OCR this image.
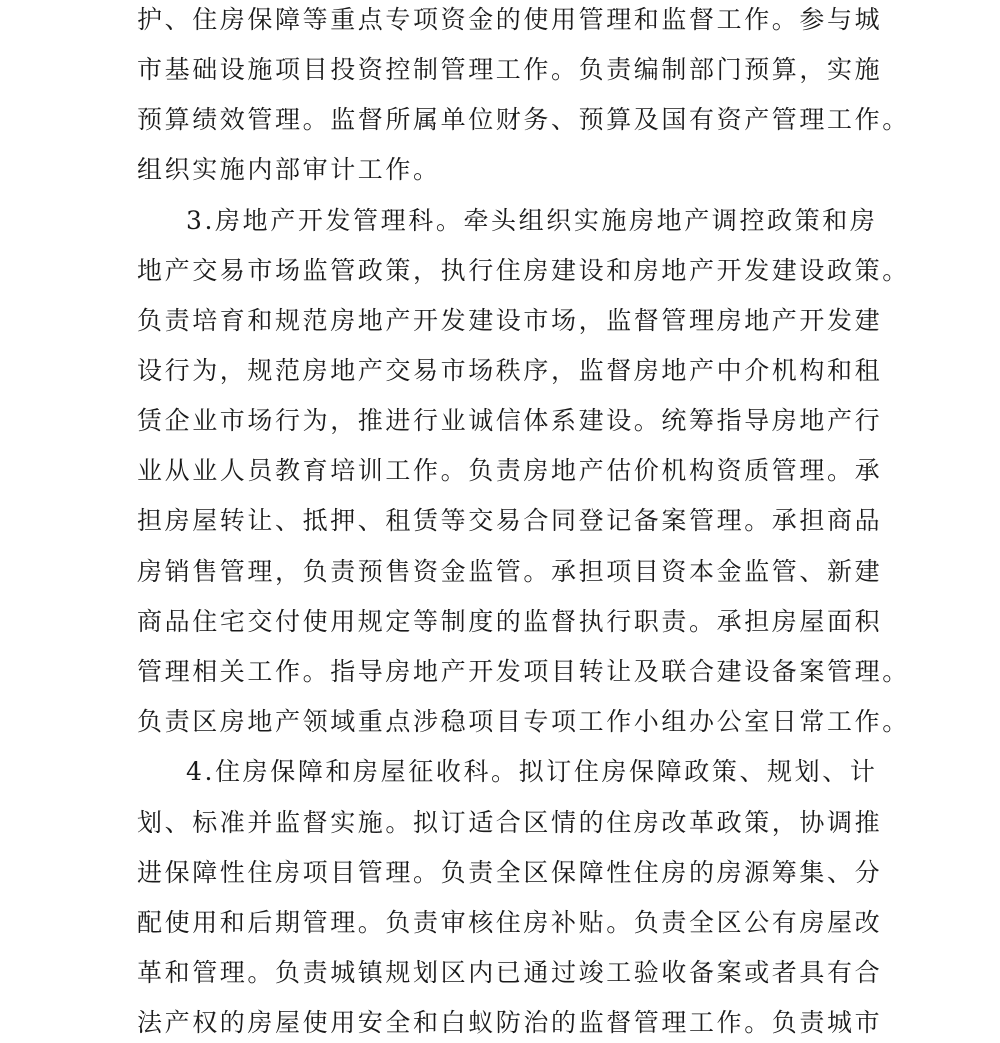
护、住房保障等重点专项资金的使用管理和监督工作。参与城
市基础设施项目投资控制管理工作。负责编制部门预算，实施
预算绩效管理。监督所属单位财务、预算及国有资产管理工作。
组织实施内部审计工作。
3.房地产开发管理科。牵头组织实施房地产调控政策和房
地产交易市场监管政策，执行住房建设和房地产开发建设政策。
负责培育和规范房地产开发建设市场，监督管理房地产开发建
设行为，规范房地产交易市场秩序，监督房地产中介机构和租
赁企业市场行为，推进行业诚信体系建设。统筹指导房地产行
业从业人员教育培训工作。负责房地产估价机构资质管理。承
担房屋转让、抵押、租赁等交易合同登记备案管理。承担商品
房销售管理，负责预售资金监管。承担项目资本金监管、新建
商品住宅交付使用规定等制度的监督执行职责。承担房屋面积
管理相关工作。指导房地产开发项目转让及联合建设备案管理。
负责区房地产领域重点涉稳项目专项工作小组办公室日常工作。
4.住房保障和房屋征收科。拟订住房保障政策、规划、计
划、标准并监督实施。拟订适合区情的住房改革政策，协调推
进保障性住房项目管理。负责全区保障性住房的房源筹集、分
配使用和后期管理。负责审核住房补贴。负责全区公有房屋改
革和管理。负责城镇规划区内已通过竣工验收备案或者具有合
法产权的房屋使用安全和白蚁防治的监督管理工作。负责城市
